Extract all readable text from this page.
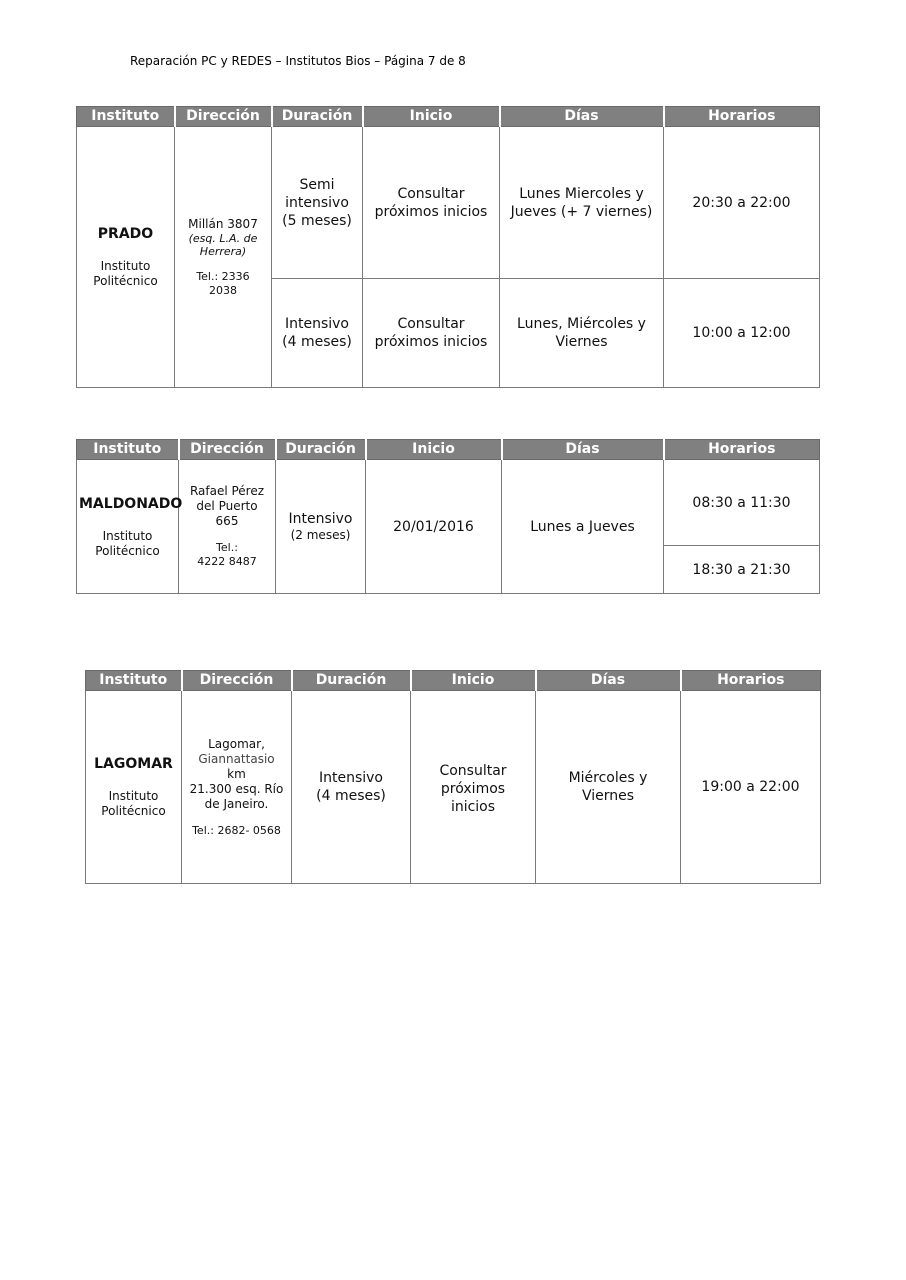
Reparación PC y REDES – Institutos Bios – Página 7 de 8
Instituto	Dirección	Duración	Inicio	Días	Horarios

PRADO
Instituto
Politécnico	Millán 3807
(esq. L.A. de
Herrera)
Tel.: 2336 2038	Semi
intensivo
(5 meses)	Consultar
próximos inicios	Lunes Miercoles y
Jueves (+ 7 viernes)	20:30 a 22:00

		Intensivo
(4 meses)	Consultar
próximos inicios	Lunes, Miércoles y
Viernes	10:00 a 12:00
Instituto	Dirección	Duración	Inicio	Días	Horarios

MALDONADO
Instituto
Politécnico	Rafael Pérez
del Puerto 665
Tel.:
4222 8487	Intensivo
(2 meses)	20/01/2016	Lunes a Jueves	08:30 a 11:30
					18:30 a 21:30
Instituto	Dirección	Duración	Inicio	Días	Horarios

LAGOMAR
Instituto
Politécnico	Lagomar,
Giannattasio km
21.300 esq. Río
de Janeiro.
Tel.: 2682- 0568	Intensivo
(4 meses)	Consultar
próximos inicios	Miércoles y Viernes	19:00 a 22:00
